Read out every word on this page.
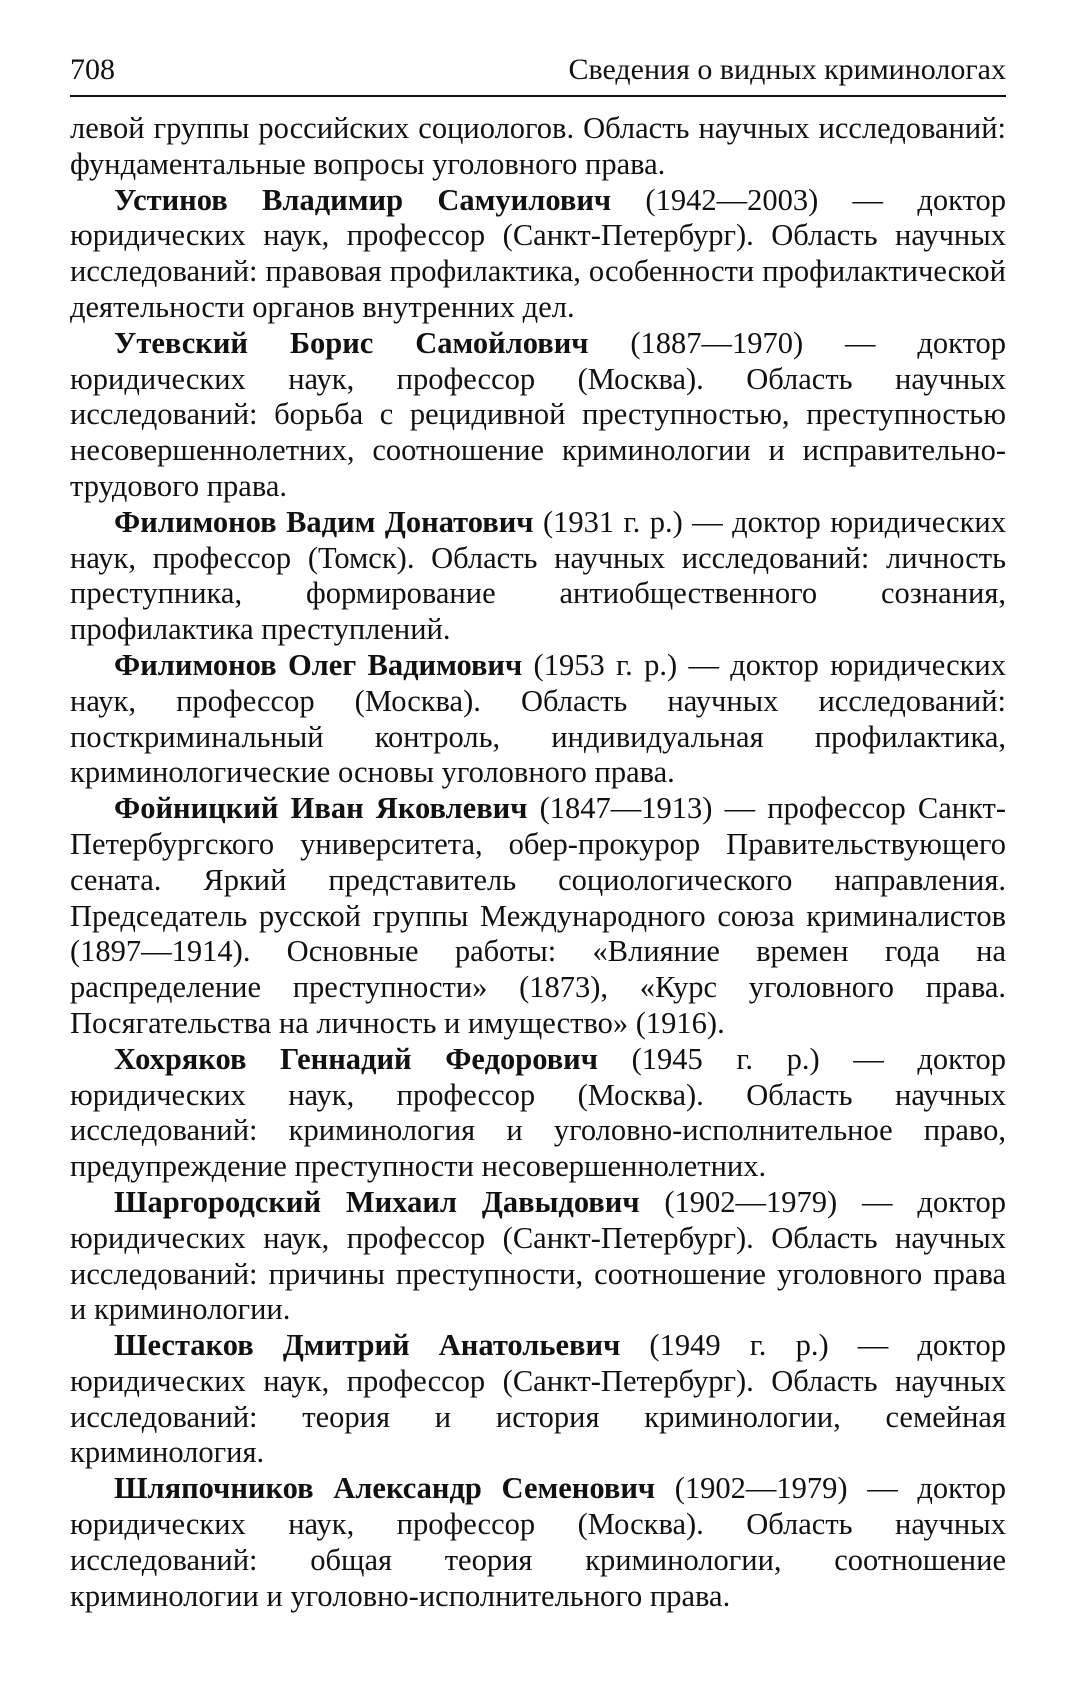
708	Сведения о видных криминологах

левой группы российских социологов. Область научных исследований: фундаментальные вопросы уголовного права.

Устинов Владимир Самуилович (1942—2003) — доктор юридических наук, профессор (Санкт-Петербург). Область научных исследований: правовая профилактика, особенности профилактической деятельности органов внутренних дел.

Утевский Борис Самойлович (1887—1970) — доктор юридических наук, профессор (Москва). Область научных исследований: борьба с рецидивной преступностью, преступностью несовершеннолетних, соотношение криминологии и исправительно-трудового права.

Филимонов Вадим Донатович (1931 г. р.) — доктор юридических наук, профессор (Томск). Область научных исследований: личность преступника, формирование антиобщественного сознания, профилактика преступлений.

Филимонов Олег Вадимович (1953 г. р.) — доктор юридических наук, профессор (Москва). Область научных исследований: посткриминальный контроль, индивидуальная профилактика, криминологические основы уголовного права.

Фойницкий Иван Яковлевич (1847—1913) — профессор Санкт-Петербургского университета, обер-прокурор Правительствующего сената. Яркий представитель социологического направления. Председатель русской группы Международного союза криминалистов (1897—1914). Основные работы: «Влияние времен года на распределение преступности» (1873), «Курс уголовного права. Посягательства на личность и имущество» (1916).

Хохряков Геннадий Федорович (1945 г. р.) — доктор юридических наук, профессор (Москва). Область научных исследований: криминология и уголовно-исполнительное право, предупреждение преступности несовершеннолетних.

Шаргородский Михаил Давыдович (1902—1979) — доктор юридических наук, профессор (Санкт-Петербург). Область научных исследований: причины преступности, соотношение уголовного права и криминологии.

Шестаков Дмитрий Анатольевич (1949 г. р.) — доктор юридических наук, профессор (Санкт-Петербург). Область научных исследований: теория и история криминологии, семейная криминология.

Шляпочников Александр Семенович (1902—1979) — доктор юридических наук, профессор (Москва). Область научных исследований: общая теория криминологии, соотношение криминологии и уголовно-исполнительного права.
